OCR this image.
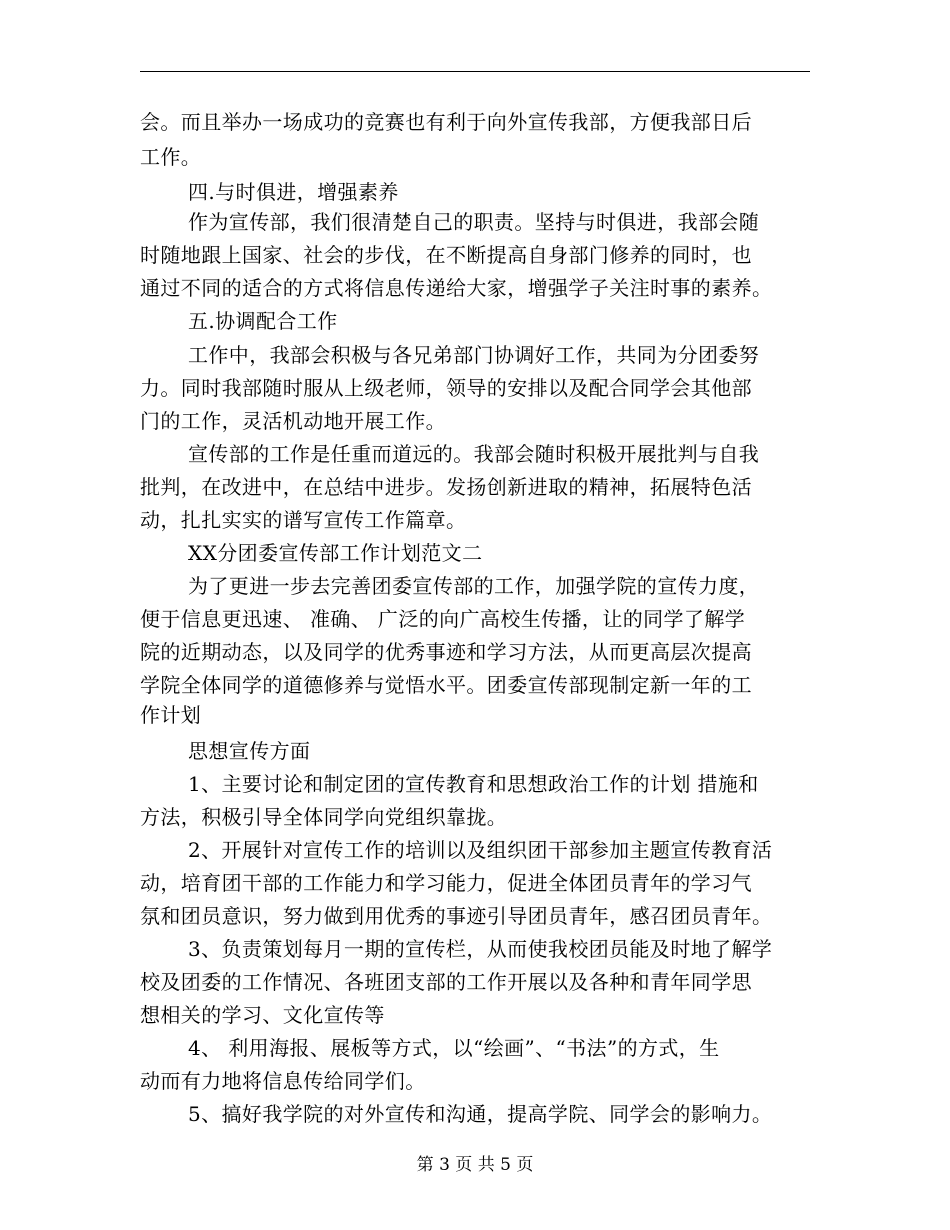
会。而且举办一场成功的竞赛也有利于向外宣传我部，方便我部日后
工作。
四.与时俱进，增强素养
作为宣传部，我们很清楚自己的职责。坚持与时俱进，我部会随
时随地跟上国家、社会的步伐，在不断提高自身部门修养的同时，也
通过不同的适合的方式将信息传递给大家，增强学子关注时事的素养。
五.协调配合工作
工作中，我部会积极与各兄弟部门协调好工作，共同为分团委努
力。同时我部随时服从上级老师，领导的安排以及配合同学会其他部
门的工作，灵活机动地开展工作。
宣传部的工作是任重而道远的。我部会随时积极开展批判与自我
批判，在改进中，在总结中进步。发扬创新进取的精神，拓展特色活
动，扎扎实实的谱写宣传工作篇章。
XX分团委宣传部工作计划范文二
为了更进一步去完善团委宣传部的工作，加强学院的宣传力度，
便于信息更迅速、 准确、 广泛的向广高校生传播，让的同学了解学
院的近期动态，以及同学的优秀事迹和学习方法，从而更高层次提高
学院全体同学的道德修养与觉悟水平。团委宣传部现制定新一年的工
作计划
思想宣传方面
1、主要讨论和制定团的宣传教育和思想政治工作的计划 措施和
方法，积极引导全体同学向党组织靠拢。
2、开展针对宣传工作的培训以及组织团干部参加主题宣传教育活
动，培育团干部的工作能力和学习能力，促进全体团员青年的学习气
氛和团员意识，努力做到用优秀的事迹引导团员青年，感召团员青年。
3、负责策划每月一期的宣传栏，从而使我校团员能及时地了解学
校及团委的工作情况、各班团支部的工作开展以及各种和青年同学思
想相关的学习、文化宣传等
4、 利用海报、展板等方式，以“绘画”、“书法”的方式，生
动而有力地将信息传给同学们。
5、搞好我学院的对外宣传和沟通，提高学院、同学会的影响力。
第 3 页 共 5 页
